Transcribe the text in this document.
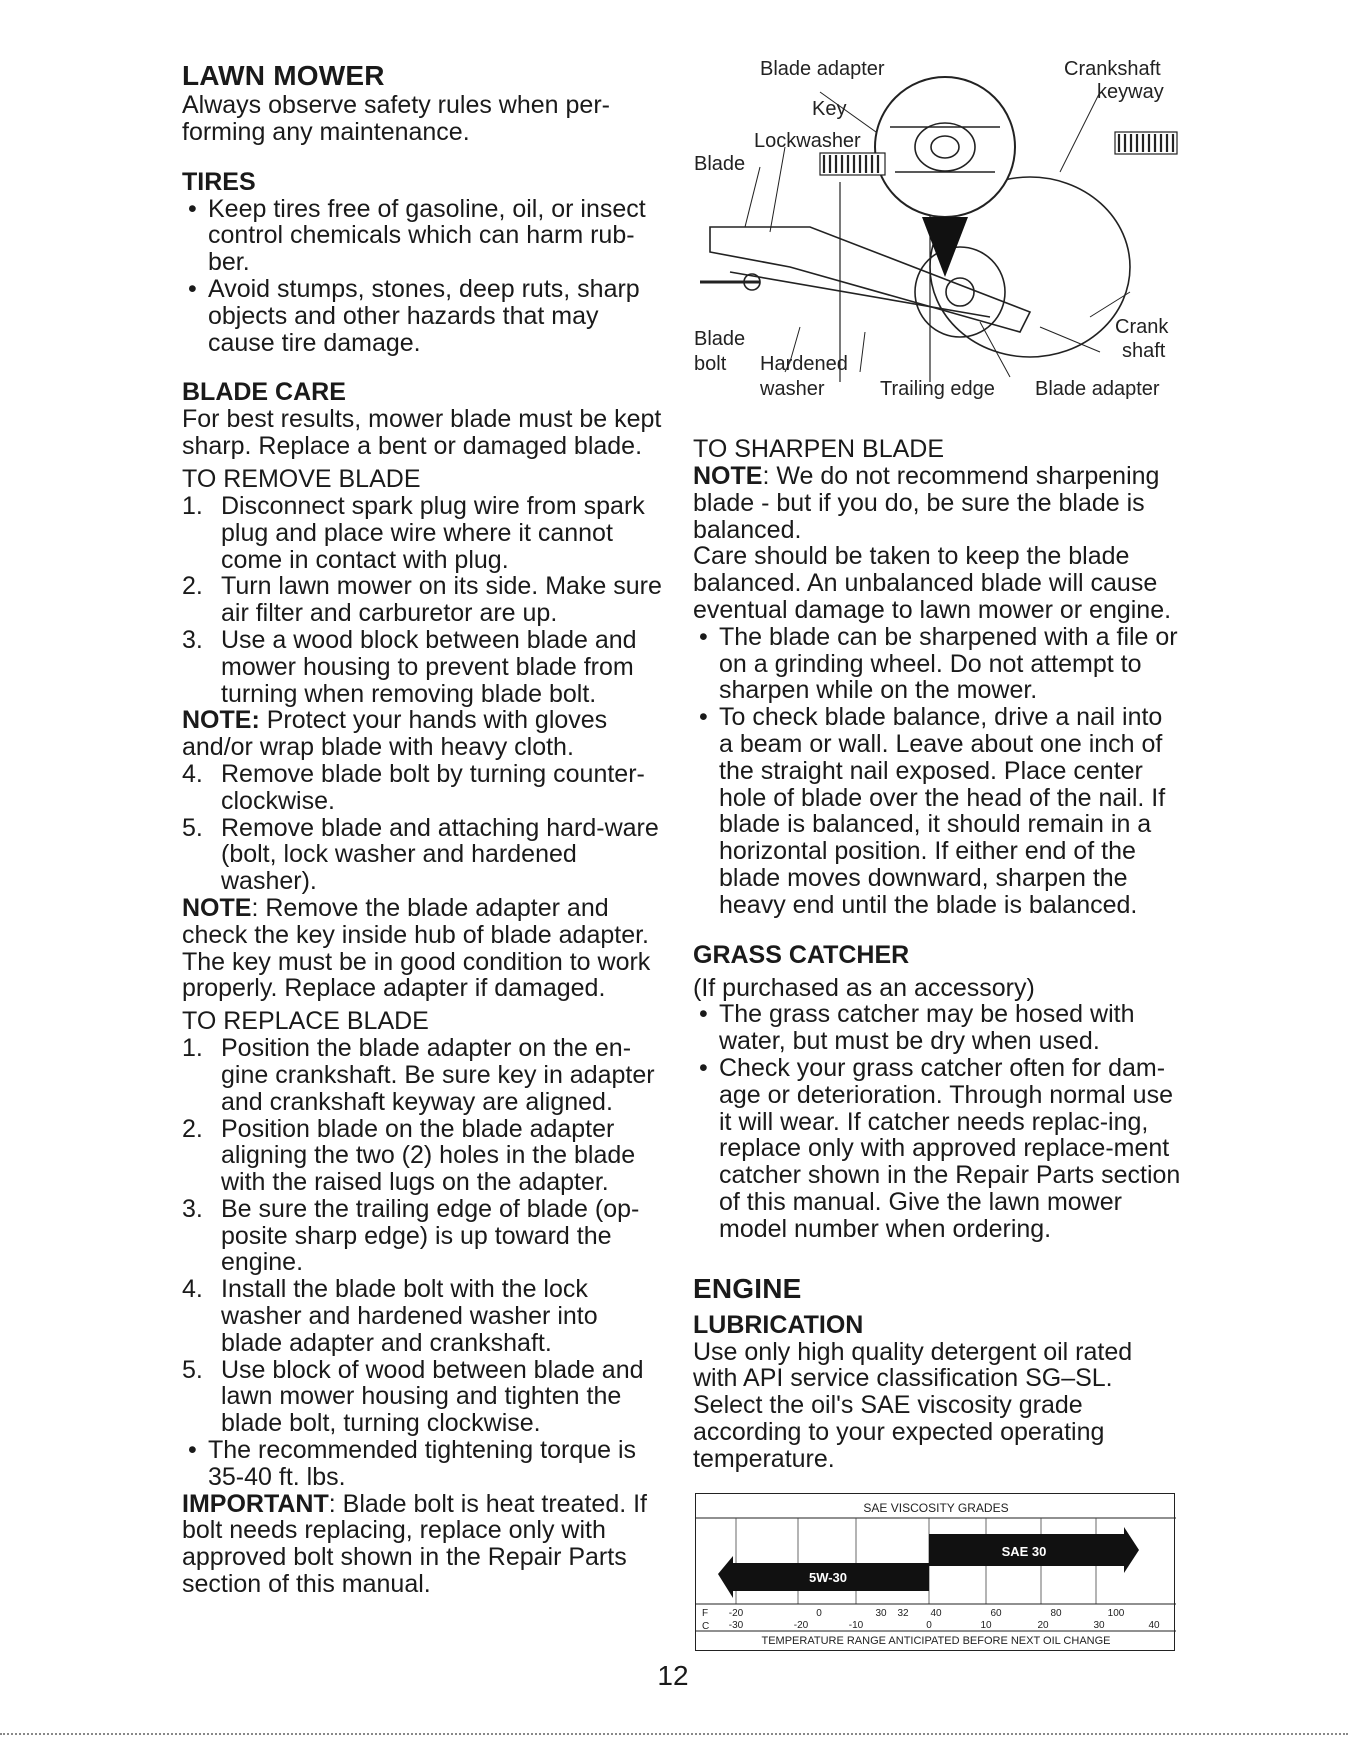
LAWN MOWER

Always observe safety rules when per-forming any maintenance.

TIRES
• Keep tires free of gasoline, oil, or insect control chemicals which can harm rub-ber.
• Avoid stumps, stones, deep ruts, sharp objects and other hazards that may cause tire damage.
BLADE CARE

For best results, mower blade must be kept sharp. Replace a bent or damaged blade.

TO REMOVE BLADE

1. Disconnect spark plug wire from spark plug and place wire where it cannot come in contact with plug.
2. Turn lawn mower on its side. Make sure air filter and carburetor are up.
3. Use a wood block between blade and mower housing to prevent blade from turning when removing blade bolt.

NOTE: Protect your hands with gloves and/or wrap blade with heavy cloth.

4. Remove blade bolt by turning counter-clockwise.
5. Remove blade and attaching hard-ware (bolt, lock washer and hardened washer).

NOTE: Remove the blade adapter and check the key inside hub of blade adapter. The key must be in good condition to work properly. Replace adapter if damaged.

TO REPLACE BLADE

1. Position the blade adapter on the en-gine crankshaft. Be sure key in adapter and crankshaft keyway are aligned.
2. Position blade on the blade adapter aligning the two (2) holes in the blade with the raised lugs on the adapter.
3. Be sure the trailing edge of blade (op-posite sharp edge) is up toward the engine.
4. Install the blade bolt with the lock washer and hardened washer into blade adapter and crankshaft.
5. Use block of wood between blade and lawn mower housing and tighten the blade bolt, turning clockwise.
• The recommended tightening torque is 35-40 ft. lbs.

IMPORTANT: Blade bolt is heat treated. If bolt needs replacing, replace only with approved bolt shown in the Repair Parts section of this manual.

Blade adapter	Crankshaft
keyway
Key
Lockwasher
Blade
Blade
bolt Hardened
washer	Trailing edge Blade adapter
Crank
shaft

TO SHARPEN BLADE

NOTE: We do not recommend sharpening blade - but if you do, be sure the blade is balanced.

Care should be taken to keep the blade balanced. An unbalanced blade will cause eventual damage to lawn mower or engine.

• The blade can be sharpened with a file or on a grinding wheel. Do not attempt to sharpen while on the mower.
• To check blade balance, drive a nail into a beam or wall. Leave about one inch of the straight nail exposed. Place center hole of blade over the head of the nail. If blade is balanced, it should remain in a horizontal position. If either end of the blade moves downward, sharpen the heavy end until the blade is balanced.
GRASS CATCHER

(If purchased as an accessory)

• The grass catcher may be hosed with water, but must be dry when used.
• Check your grass catcher often for dam-age or deterioration. Through normal use it will wear. If catcher needs replac-ing, replace only with approved replace-ment catcher shown in the Repair Parts section of this manual. Give the lawn mower model number when ordering.
ENGINE
LUBRICATION

Use only high quality detergent oil rated with API service classification SG–SL. Select the oil's SAE viscosity grade according to your expected operating temperature.

SAE VISCOSITY GRADES
SAE 30
5W-30
F
C
-20	0	30 32 40	60	80	100
-30	-20	-10	0	10	20	30	40
TEMPERATURE RANGE ANTICIPATED BEFORE NEXT OIL CHANGE
12
